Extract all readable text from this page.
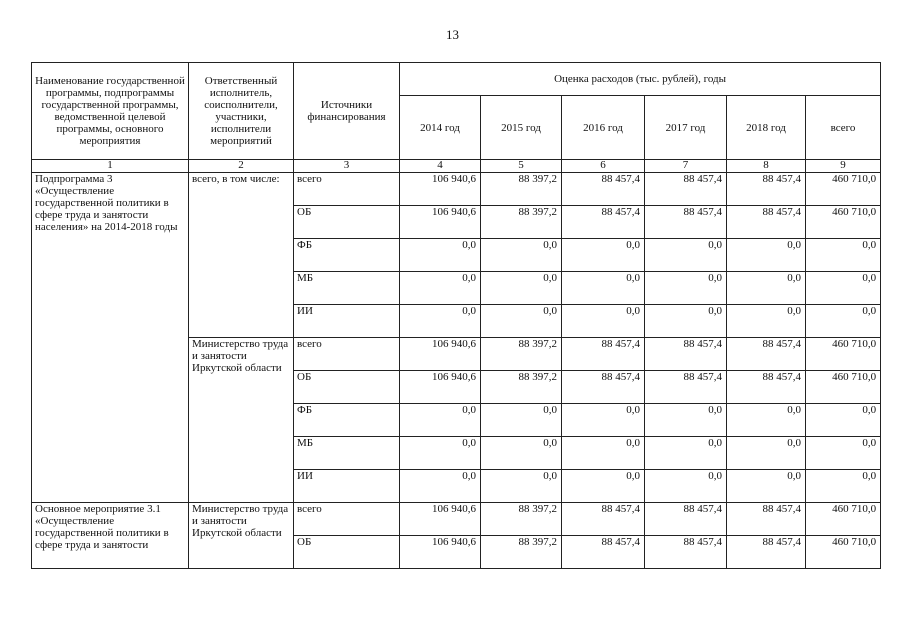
13
Наименование государственной программы, подпрограммы государственной программы, ведомственной целевой программы, основного мероприятия	Ответственный исполнитель, соисполнители, участники, исполнители мероприятий	Источники финансирования	Оценка расходов (тыс. рублей), годы					
			2014 год	2015 год	2016 год	2017 год	2018 год	всего
1	2	3	4	5	6	7	8	9
Подпрограмма 3 «Осуществление государственной политики в сфере труда и занятости населения» на 2014-2018 годы	всего, в том числе:	всего	106 940,6	88 397,2	88 457,4	88 457,4	88 457,4	460 710,0
		ОБ	106 940,6	88 397,2	88 457,4	88 457,4	88 457,4	460 710,0
		ФБ	0,0	0,0	0,0	0,0	0,0	0,0
		МБ	0,0	0,0	0,0	0,0	0,0	0,0
		ИИ	0,0	0,0	0,0	0,0	0,0	0,0
	Министерство труда и занятости Иркутской области	всего	106 940,6	88 397,2	88 457,4	88 457,4	88 457,4	460 710,0
		ОБ	106 940,6	88 397,2	88 457,4	88 457,4	88 457,4	460 710,0
		ФБ	0,0	0,0	0,0	0,0	0,0	0,0
		МБ	0,0	0,0	0,0	0,0	0,0	0,0
		ИИ	0,0	0,0	0,0	0,0	0,0	0,0
Основное мероприятие 3.1 «Осуществление государственной политики в сфере труда и занятости	Министерство труда и занятости Иркутской области	всего	106 940,6	88 397,2	88 457,4	88 457,4	88 457,4	460 710,0
		ОБ	106 940,6	88 397,2	88 457,4	88 457,4	88 457,4	460 710,0
